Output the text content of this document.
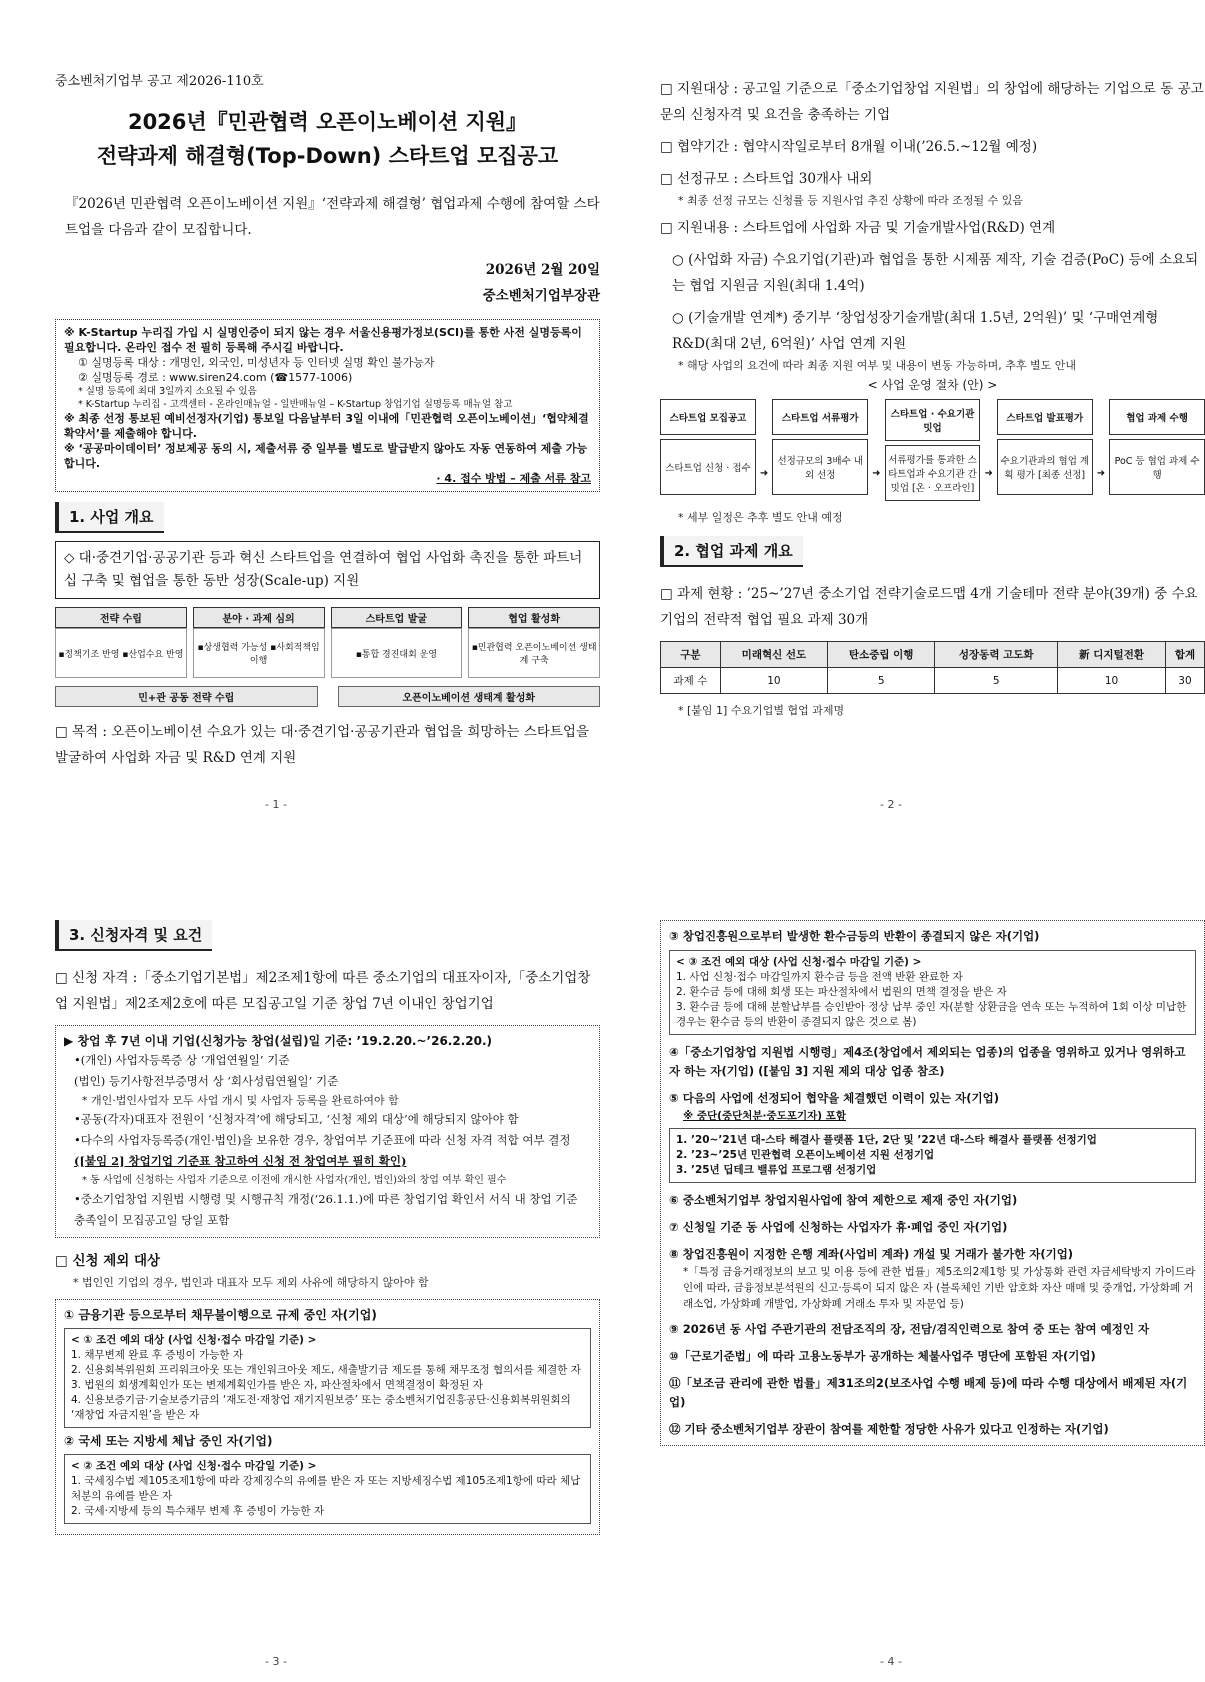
중소벤처기업부 공고 제2026-110호
2026년『민관협력 오픈이노베이션 지원』
전략과제 해결형(Top-Down) 스타트업 모집공고
『2026년 민관협력 오픈이노베이션 지원』‘전략과제 해결형’ 협업과제 수행에 참여할 스타트업을 다음과 같이 모집합니다.
2026년 2월 20일
중소벤처기업부장관
※ K-Startup 누리집 가입 시 실명인증이 되지 않는 경우 서울신용평가정보(SCI)를 통한 사전 실명등록이 필요합니다. 온라인 접수 전 필히 등록해 주시길 바랍니다.
① 실명등록 대상 : 개명인, 외국인, 미성년자 등 인터넷 실명 확인 불가능자
② 실명등록 경로 : www.siren24.com (☎1577-1006)
* 실명 등록에 최대 3일까지 소요될 수 있음
* K-Startup 누리집 - 고객센터 - 온라인매뉴얼 - 일반매뉴얼 – K-Startup 창업기업 실명등록 매뉴얼 참고
※ 최종 선정 통보된 예비선정자(기업) 통보일 다음날부터 3일 이내에「민관협력 오픈이노베이션」‘협약체결 확약서’를 제출해야 합니다.
※ ‘공공마이데이터’ 정보제공 동의 시, 제출서류 중 일부를 별도로 발급받지 않아도 자동 연동하여 제출 가능합니다.
· 4. 접수 방법 – 제출 서류 참고
1. 사업 개요
◇ 대·중견기업·공공기관 등과 혁신 스타트업을 연결하여 협업 사업화 촉진을 통한 파트너십 구축 및 협업을 통한 동반 성장(Scale-up) 지원
전략 수립
▪정책기조 반영 ▪산업수요 반영
분야 · 과제 심의
▪상생협력 가능성 ▪사회적책임 이행
스타트업 발굴
▪통합 경진대회 운영
협업 활성화
▪민관협력 오픈이노베이션 생태계 구축
민+관 공동 전략 수립	오픈이노베이션 생태계 활성화
□ 목적 : 오픈이노베이션 수요가 있는 대·중견기업·공공기관과 협업을 희망하는 스타트업을 발굴하여 사업화 자금 및 R&D 연계 지원
- 1 -
□ 지원대상 : 공고일 기준으로「중소기업창업 지원법」의 창업에 해당하는 기업으로 동 공고문의 신청자격 및 요건을 충족하는 기업
□ 협약기간 : 협약시작일로부터 8개월 이내(’26.5.~12월 예정)
□ 선정규모 : 스타트업 30개사 내외
* 최종 선정 규모는 신청률 등 지원사업 추진 상황에 따라 조정될 수 있음
□ 지원내용 : 스타트업에 사업화 자금 및 기술개발사업(R&D) 연계
○ (사업화 자금) 수요기업(기관)과 협업을 통한 시제품 제작, 기술 검증(PoC) 등에 소요되는 협업 지원금 지원(최대 1.4억)
○ (기술개발 연계*) 중기부 ‘창업성장기술개발(최대 1.5년, 2억원)’ 및 ‘구매연계형 R&D(최대 2년, 6억원)’ 사업 연계 지원
* 해당 사업의 요건에 따라 최종 지원 여부 및 내용이 변동 가능하며, 추후 별도 안내
< 사업 운영 절차 (안) >
스타트업 모집공고
스타트업 신청 · 접수 ➜
스타트업 서류평가
선정규모의 3배수 내외 선정	➜
스타트업 · 수요기관 밋업
서류평가를 통과한 스타트업과 수요기관 간 밋업 [온 · 오프라인]
➜
스타트업 발표평가
수요기관과의 협업 계획 평가 [최종 선정]	➜
협업 과제 수행
PoC 등 협업 과제 수행
* 세부 일정은 추후 별도 안내 예정
2. 협업 과제 개요
□ 과제 현황 : ’25~’27년 중소기업 전략기술로드맵 4개 기술테마 전략 분야(39개) 중 수요기업의 전략적 협업 필요 과제 30개
구분	미래혁신 선도	탄소중립 이행	성장동력 고도화	新 디지털전환	합계
과제 수	10	5	5	10	30
* [붙임 1] 수요기업별 협업 과제명
- 2 -
3. 신청자격 및 요건
□ 신청 자격 :「중소기업기본법」제2조제1항에 따른 중소기업의 대표자이자,「중소기업창업 지원법」제2조제2호에 따른 모집공고일 기준 창업 7년 이내인 창업기업
▶ 창업 후 7년 이내 기업(신청가능 창업(설립)일 기준: ’19.2.20.~’26.2.20.)
•(개인) 사업자등록증 상 ‘개업연월일’ 기준
(법인) 등기사항전부증명서 상 ‘회사성립연월일’ 기준
* 개인·법인사업자 모두 사업 개시 및 사업자 등록을 완료하여야 함
•공동(각자)대표자 전원이 ‘신청자격’에 해당되고, ‘신청 제외 대상’에 해당되지 않아야 함
•다수의 사업자등록증(개인·법인)을 보유한 경우, 창업여부 기준표에 따라 신청 자격 적합 여부 결정
([붙임 2] 창업기업 기준표 참고하여 신청 전 창업여부 필히 확인)
* 동 사업에 신청하는 사업자 기준으로 이전에 개시한 사업자(개인, 법인)와의 창업 여부 확인 필수
•중소기업창업 지원법 시행령 및 시행규칙 개정(’26.1.1.)에 따른 창업기업 확인서 서식 내 창업 기준 충족일이 모집공고일 당일 포함
□ 신청 제외 대상
* 법인인 기업의 경우, 법인과 대표자 모두 제외 사유에 해당하지 않아야 함
① 금융기관 등으로부터 채무불이행으로 규제 중인 자(기업)
< ① 조건 예외 대상 (사업 신청·접수 마감일 기준) >
1. 채무변제 완료 후 증빙이 가능한 자
2. 신용회복위원회 프리워크아웃 또는 개인워크아웃 제도, 새출발기금 제도를 통해 채무조정 협의서를 체결한 자
3. 법원의 회생계획인가 또는 변제계획인가를 받은 자, 파산절차에서 면책결정이 확정된 자
4. 신용보증기금·기술보증기금의 ‘재도전·재창업 재기지원보증’ 또는 중소벤처기업진흥공단·신용회복위원회의 ‘재창업 자금지원’을 받은 자
② 국세 또는 지방세 체납 중인 자(기업)
< ② 조건 예외 대상 (사업 신청·접수 마감일 기준) >
1. 국세징수법 제105조제1항에 따라 강제징수의 유예를 받은 자 또는 지방세징수법 제105조제1항에 따라 체납처분의 유예를 받은 자
2. 국세·지방세 등의 특수채무 변제 후 증빙이 가능한 자
- 3 -
③ 창업진흥원으로부터 발생한 환수금등의 반환이 종결되지 않은 자(기업)
< ③ 조건 예외 대상 (사업 신청·접수 마감일 기준) >
1. 사업 신청·접수 마감일까지 환수금 등을 전액 반환 완료한 자
2. 환수금 등에 대해 회생 또는 파산절차에서 법원의 면책 결정을 받은 자
3. 환수금 등에 대해 분할납부를 승인받아 정상 납부 중인 자(분할 상환금을 연속 또는 누적하여 1회 이상 미납한 경우는 환수금 등의 반환이 종결되지 않은 것으로 봄)
④「중소기업창업 지원법 시행령」제4조(창업에서 제외되는 업종)의 업종을 영위하고 있거나 영위하고자 하는 자(기업) ([붙임 3] 지원 제외 대상 업종 참조)
⑤ 다음의 사업에 선정되어 협약을 체결했던 이력이 있는 자(기업)
※ 중단(중단처분·중도포기자) 포함
1. ’20~’21년 대-스타 해결사 플랫폼 1단, 2단 및 ’22년 대-스타 해결사 플랫폼 선정기업
2. ’23~’25년 민관협력 오픈이노베이션 지원 선정기업
3. ’25년 딥테크 밸류업 프로그램 선정기업
⑥ 중소벤처기업부 창업지원사업에 참여 제한으로 제재 중인 자(기업)
⑦ 신청일 기준 동 사업에 신청하는 사업자가 휴·폐업 중인 자(기업)
⑧ 창업진흥원이 지정한 은행 계좌(사업비 계좌) 개설 및 거래가 불가한 자(기업)
*「특정 금융거래정보의 보고 및 이용 등에 관한 법률」제5조의2제1항 및 가상통화 관련 자금세탁방지 가이드라인에 따라, 금융정보분석원의 신고·등록이 되지 않은 자 (블록체인 기반 암호화 자산 매매 및 중개업, 가상화폐 거래소업, 가상화폐 개발업, 가상화폐 거래소 투자 및 자문업 등)
⑨ 2026년 동 사업 주관기관의 전담조직의 장, 전담/겸직인력으로 참여 중 또는 참여 예정인 자
⑩「근로기준법」에 따라 고용노동부가 공개하는 체불사업주 명단에 포함된 자(기업)
⑪「보조금 관리에 관한 법률」제31조의2(보조사업 수행 배제 등)에 따라 수행 대상에서 배제된 자(기업)
⑫ 기타 중소벤처기업부 장관이 참여를 제한할 정당한 사유가 있다고 인정하는 자(기업)
- 4 -
